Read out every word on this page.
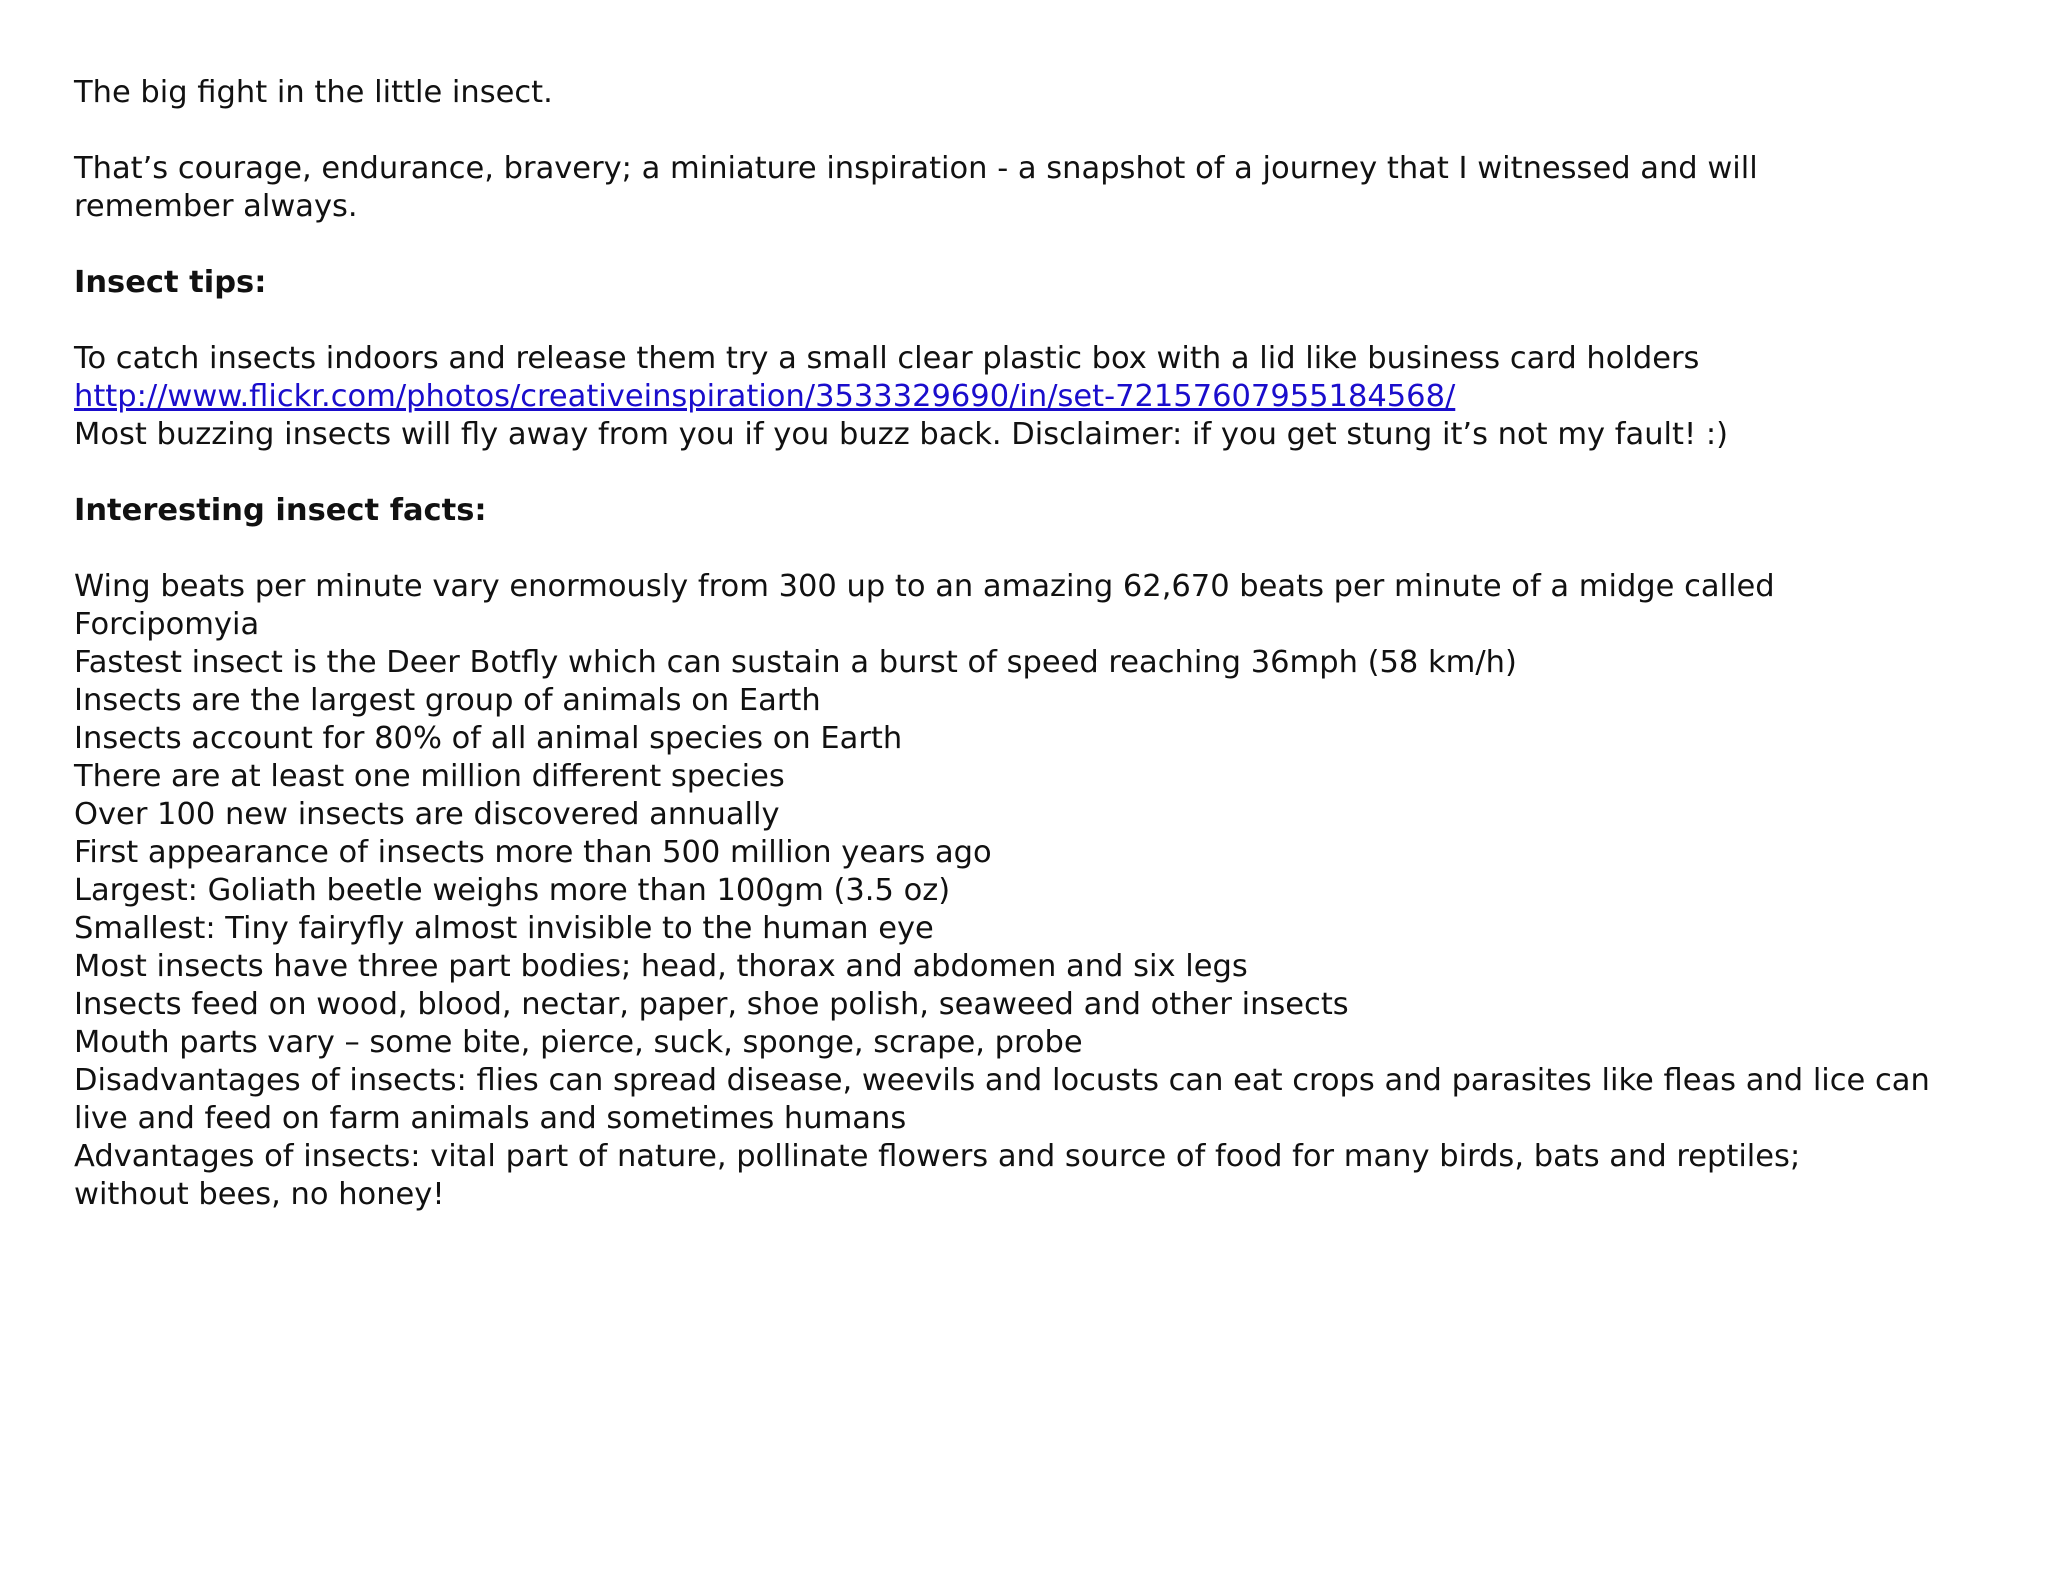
The big fight in the little insect.

That’s courage, endurance, bravery; a miniature inspiration - a snapshot of a journey that I witnessed and will remember always.

Insect tips:

To catch insects indoors and release them try a small clear plastic box with a lid like business card holders
http://www.flickr.com/photos/creativeinspiration/3533329690/in/set-72157607955184568/
Most buzzing insects will fly away from you if you buzz back. Disclaimer: if you get stung it’s not my fault! :)

Interesting insect facts:

Wing beats per minute vary enormously from 300 up to an amazing 62,670 beats per minute of a midge called Forcipomyia
Fastest insect is the Deer Botfly which can sustain a burst of speed reaching 36mph (58 km/h)
Insects are the largest group of animals on Earth
Insects account for 80% of all animal species on Earth
There are at least one million different species
Over 100 new insects are discovered annually
First appearance of insects more than 500 million years ago
Largest: Goliath beetle weighs more than 100gm (3.5 oz)
Smallest: Tiny fairyfly almost invisible to the human eye
Most insects have three part bodies; head, thorax and abdomen and six legs
Insects feed on wood, blood, nectar, paper, shoe polish, seaweed and other insects
Mouth parts vary – some bite, pierce, suck, sponge, scrape, probe
Disadvantages of insects: flies can spread disease, weevils and locusts can eat crops and parasites like fleas and lice can live and feed on farm animals and sometimes humans
Advantages of insects: vital part of nature, pollinate flowers and source of food for many birds, bats and reptiles; without bees, no honey!
